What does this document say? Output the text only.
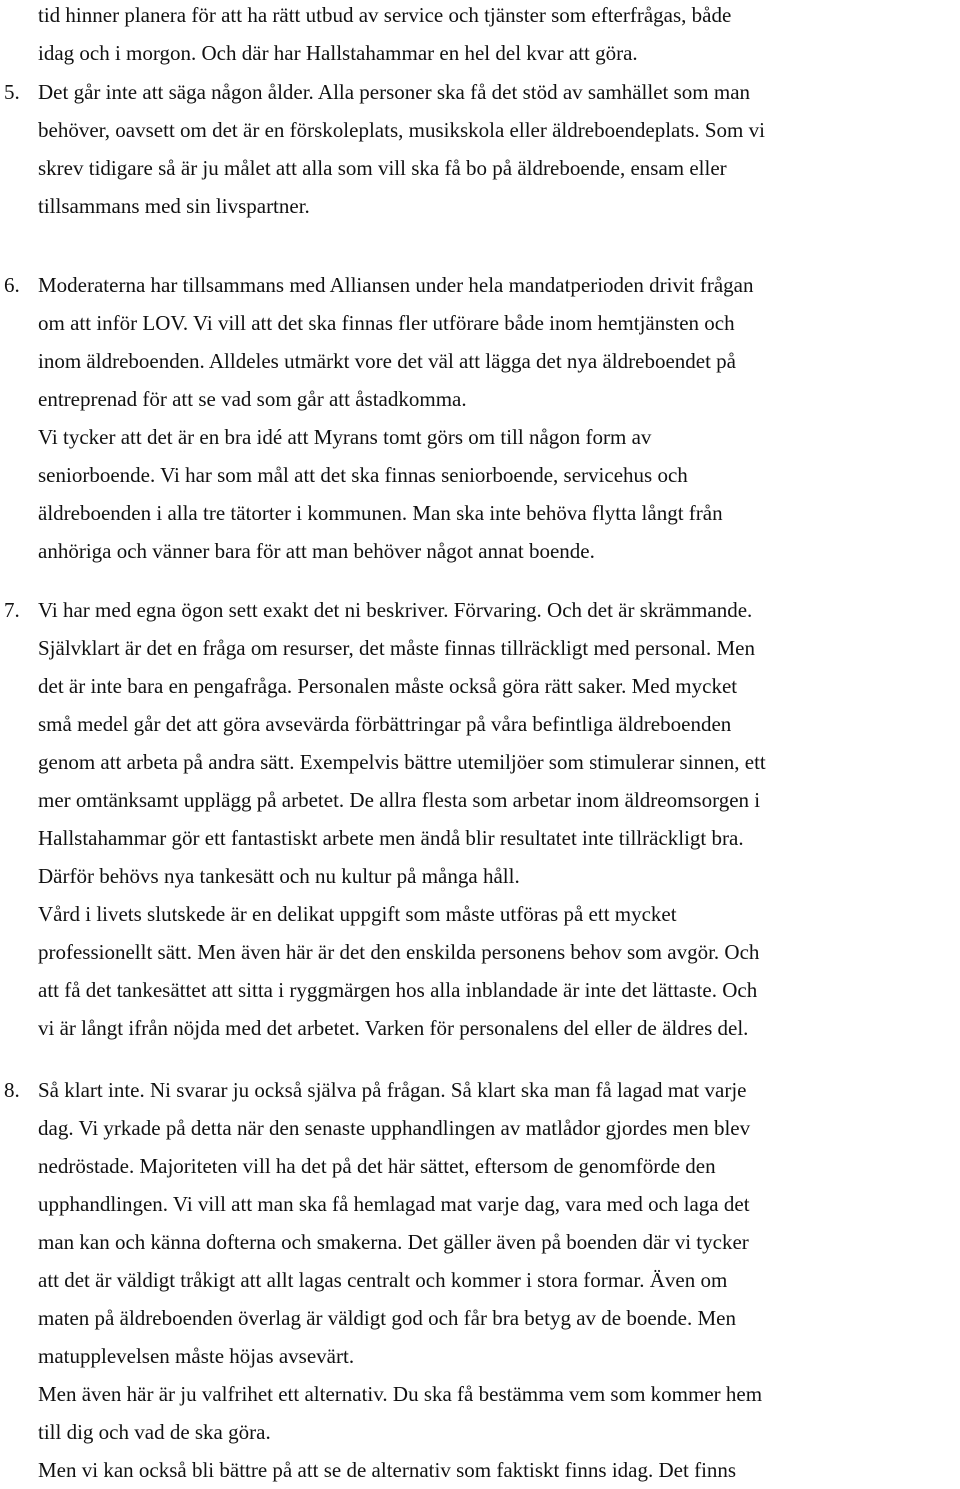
tid hinner planera för att ha rätt utbud av service och tjänster som efterfrågas, både
idag och i morgon. Och där har Hallstahammar en hel del kvar att göra.
5. Det går inte att säga någon ålder. Alla personer ska få det stöd av samhället som man
behöver, oavsett om det är en förskoleplats, musikskola eller äldreboendeplats. Som vi
skrev tidigare så är ju målet att alla som vill ska få bo på äldreboende, ensam eller
tillsammans med sin livspartner.
6. Moderaterna har tillsammans med Alliansen under hela mandatperioden drivit frågan
om att inför LOV. Vi vill att det ska finnas fler utförare både inom hemtjänsten och
inom äldreboenden. Alldeles utmärkt vore det väl att lägga det nya äldreboendet på
entreprenad för att se vad som går att åstadkomma.
Vi tycker att det är en bra idé att Myrans tomt görs om till någon form av
seniorboende. Vi har som mål att det ska finnas seniorboende, servicehus och
äldreboenden i alla tre tätorter i kommunen. Man ska inte behöva flytta långt från
anhöriga och vänner bara för att man behöver något annat boende.
7. Vi har med egna ögon sett exakt det ni beskriver. Förvaring. Och det är skrämmande.
Självklart är det en fråga om resurser, det måste finnas tillräckligt med personal. Men
det är inte bara en pengafråga. Personalen måste också göra rätt saker. Med mycket
små medel går det att göra avsevärda förbättringar på våra befintliga äldreboenden
genom att arbeta på andra sätt. Exempelvis bättre utemiljöer som stimulerar sinnen, ett
mer omtänksamt upplägg på arbetet. De allra flesta som arbetar inom äldreomsorgen i
Hallstahammar gör ett fantastiskt arbete men ändå blir resultatet inte tillräckligt bra.
Därför behövs nya tankesätt och nu kultur på många håll.
Vård i livets slutskede är en delikat uppgift som måste utföras på ett mycket
professionellt sätt. Men även här är det den enskilda personens behov som avgör. Och
att få det tankesättet att sitta i ryggmärgen hos alla inblandade är inte det lättaste. Och
vi är långt ifrån nöjda med det arbetet. Varken för personalens del eller de äldres del.
8. Så klart inte. Ni svarar ju också själva på frågan. Så klart ska man få lagad mat varje
dag. Vi yrkade på detta när den senaste upphandlingen av matlådor gjordes men blev
nedröstade. Majoriteten vill ha det på det här sättet, eftersom de genomförde den
upphandlingen. Vi vill att man ska få hemlagad mat varje dag, vara med och laga det
man kan och känna dofterna och smakerna. Det gäller även på boenden där vi tycker
att det är väldigt tråkigt att allt lagas centralt och kommer i stora formar. Även om
maten på äldreboenden överlag är väldigt god och får bra betyg av de boende. Men
matupplevelsen måste höjas avsevärt.
Men även här är ju valfrihet ett alternativ. Du ska få bestämma vem som kommer hem
till dig och vad de ska göra.
Men vi kan också bli bättre på att se de alternativ som faktiskt finns idag. Det finns
